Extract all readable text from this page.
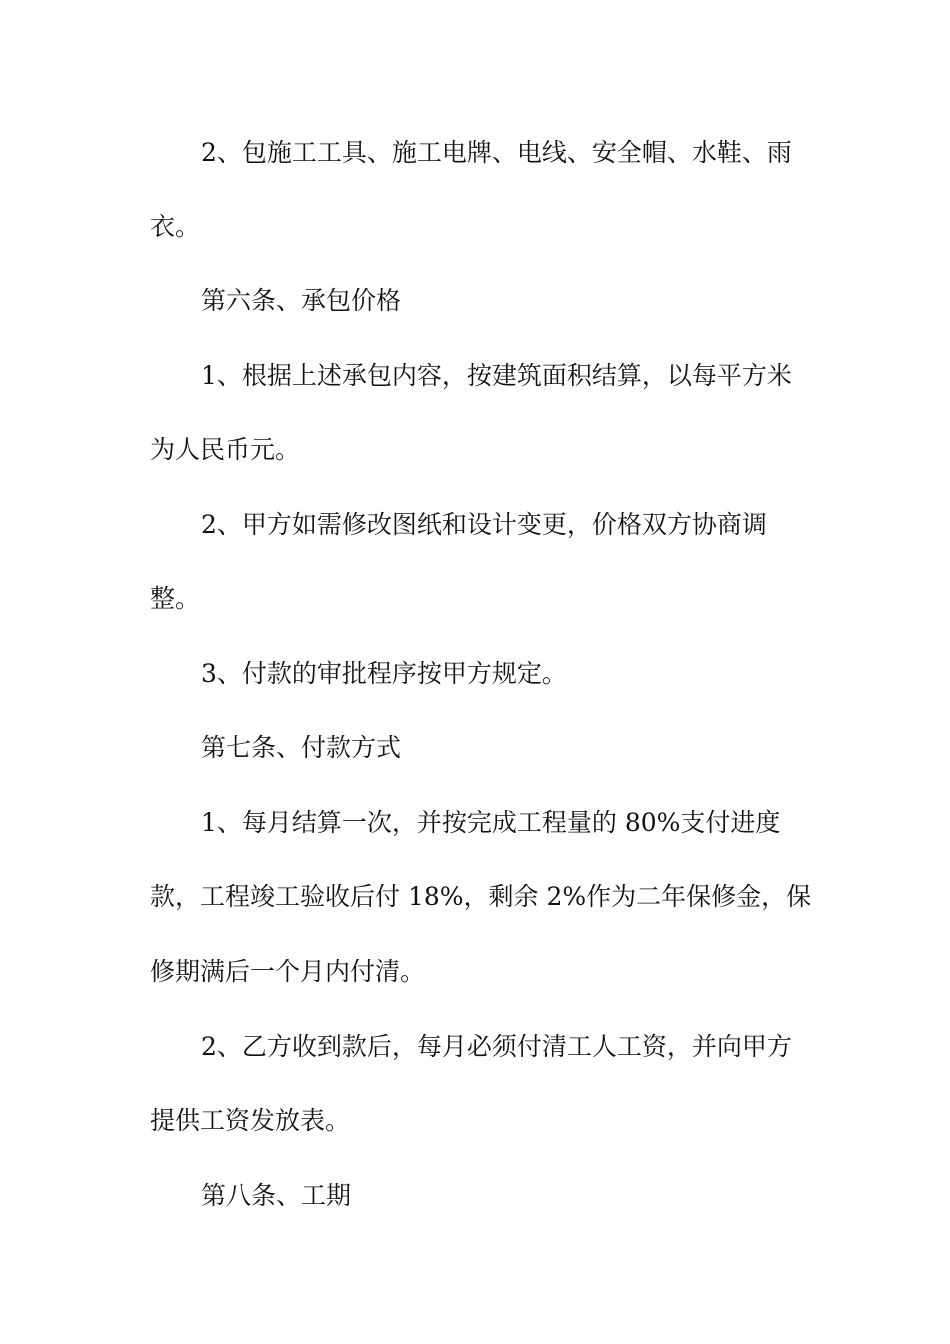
2、包施工工具、施工电牌、电线、安全帽、水鞋、雨

衣。

第六条、承包价格

1、根据上述承包内容，按建筑面积结算，以每平方米

为人民币元。

2、甲方如需修改图纸和设计变更，价格双方协商调

整。

3、付款的审批程序按甲方规定。

第七条、付款方式

1、每月结算一次，并按完成工程量的 80%支付进度

款，工程竣工验收后付 18%，剩余 2%作为二年保修金，保

修期满后一个月内付清。

2、乙方收到款后，每月必须付清工人工资，并向甲方

提供工资发放表。

第八条、工期
